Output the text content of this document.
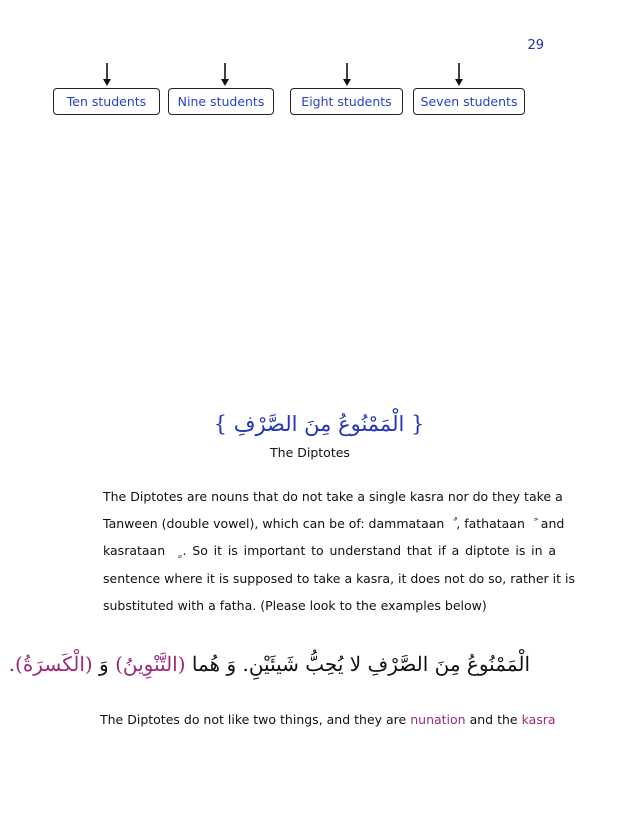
29
Ten students	Nine students	Eight students	Seven students
{ الْمَمْنُوعُ مِنَ الصَّرْفِ }
The Diptotes
The Diptotes are nouns that do not take a single kasra nor do they take a
Tanween (double vowel), which can be of: dammataan , fathataan and
kasrataan . So it is important to understand that if a diptote is in a
sentence where it is supposed to take a kasra, it does not do so, rather it is
substituted with a fatha. (Please look to the examples below)
الْمَمْنُوعُ مِنَ الصَّرْفِ لا يُحِبُّ شَيئَيْنِ. وَ هُما (التَّنْوِينُ) وَ (الْكَسرَةُ).
The Diptotes do not like two things, and they are nunation and the kasra
